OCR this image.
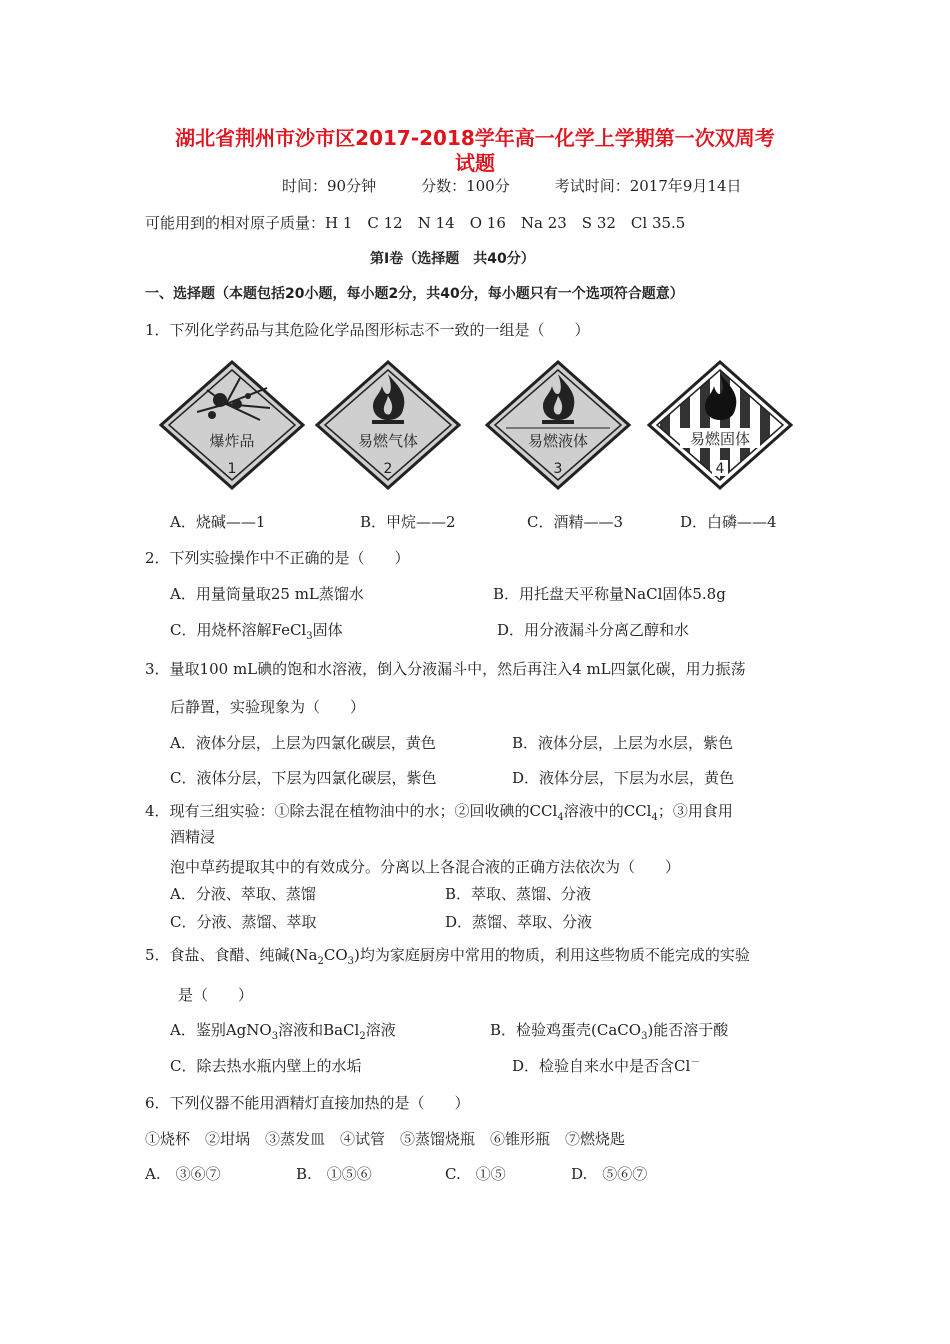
湖北省荆州市沙市区2017-2018学年高一化学上学期第一次双周考
试题
时间：90分钟　　　分数：100分　　　考试时间：2017年9月14日
可能用到的相对原子质量：H 1　C 12　N 14　O 16　Na 23　S 32　Cl 35.5
第Ⅰ卷（选择题　共40分）
一、选择题（本题包括20小题，每小题2分，共40分，每小题只有一个选项符合题意）
1．下列化学药品与其危险化学品图形标志不一致的一组是（　　）
爆炸品
1
易燃气体
2
易燃液体
3
易燃固体
4
A．烧碱——1	B．甲烷——2	C．酒精——3	D．白磷——4
2．下列实验操作中不正确的是（　　）
A．用量筒量取25 mL蒸馏水	B．用托盘天平称量NaCl固体5.8g
C．用烧杯溶解FeCl$_3$固体	D．用分液漏斗分离乙醇和水
3．量取100 mL碘的饱和水溶液，倒入分液漏斗中，然后再注入4 mL四氯化碳，用力振荡
后静置，实验现象为（　　）
A．液体分层，上层为四氯化碳层，黄色	B．液体分层，上层为水层，紫色
C．液体分层，下层为四氯化碳层，紫色	D．液体分层，下层为水层，黄色
4．现有三组实验：①除去混在植物油中的水；②回收碘的CCl$_4$溶液中的CCl$_4$；③用食用
酒精浸
泡中草药提取其中的有效成分。分离以上各混合液的正确方法依次为（　　）
A．分液、萃取、蒸馏	B．萃取、蒸馏、分液
C．分液、蒸馏、萃取	D．蒸馏、萃取、分液
5．食盐、食醋、纯碱$(Na_2CO_3)$均为家庭厨房中常用的物质，利用这些物质不能完成的实验
是（　　）
A．鉴别AgNO$_3$溶液和BaCl$_2$溶液	B．检验鸡蛋壳(CaCO$_3$)能否溶于酸
C．除去热水瓶内壁上的水垢	D．检验自来水中是否含Cl－
6．下列仪器不能用酒精灯直接加热的是（　　）
①烧杯　②坩埚　③蒸发皿　④试管　⑤蒸馏烧瓶　⑥锥形瓶　⑦燃烧匙
A.　③⑥⑦	B.　①⑤⑥	C.　①⑤	D.　⑤⑥⑦
